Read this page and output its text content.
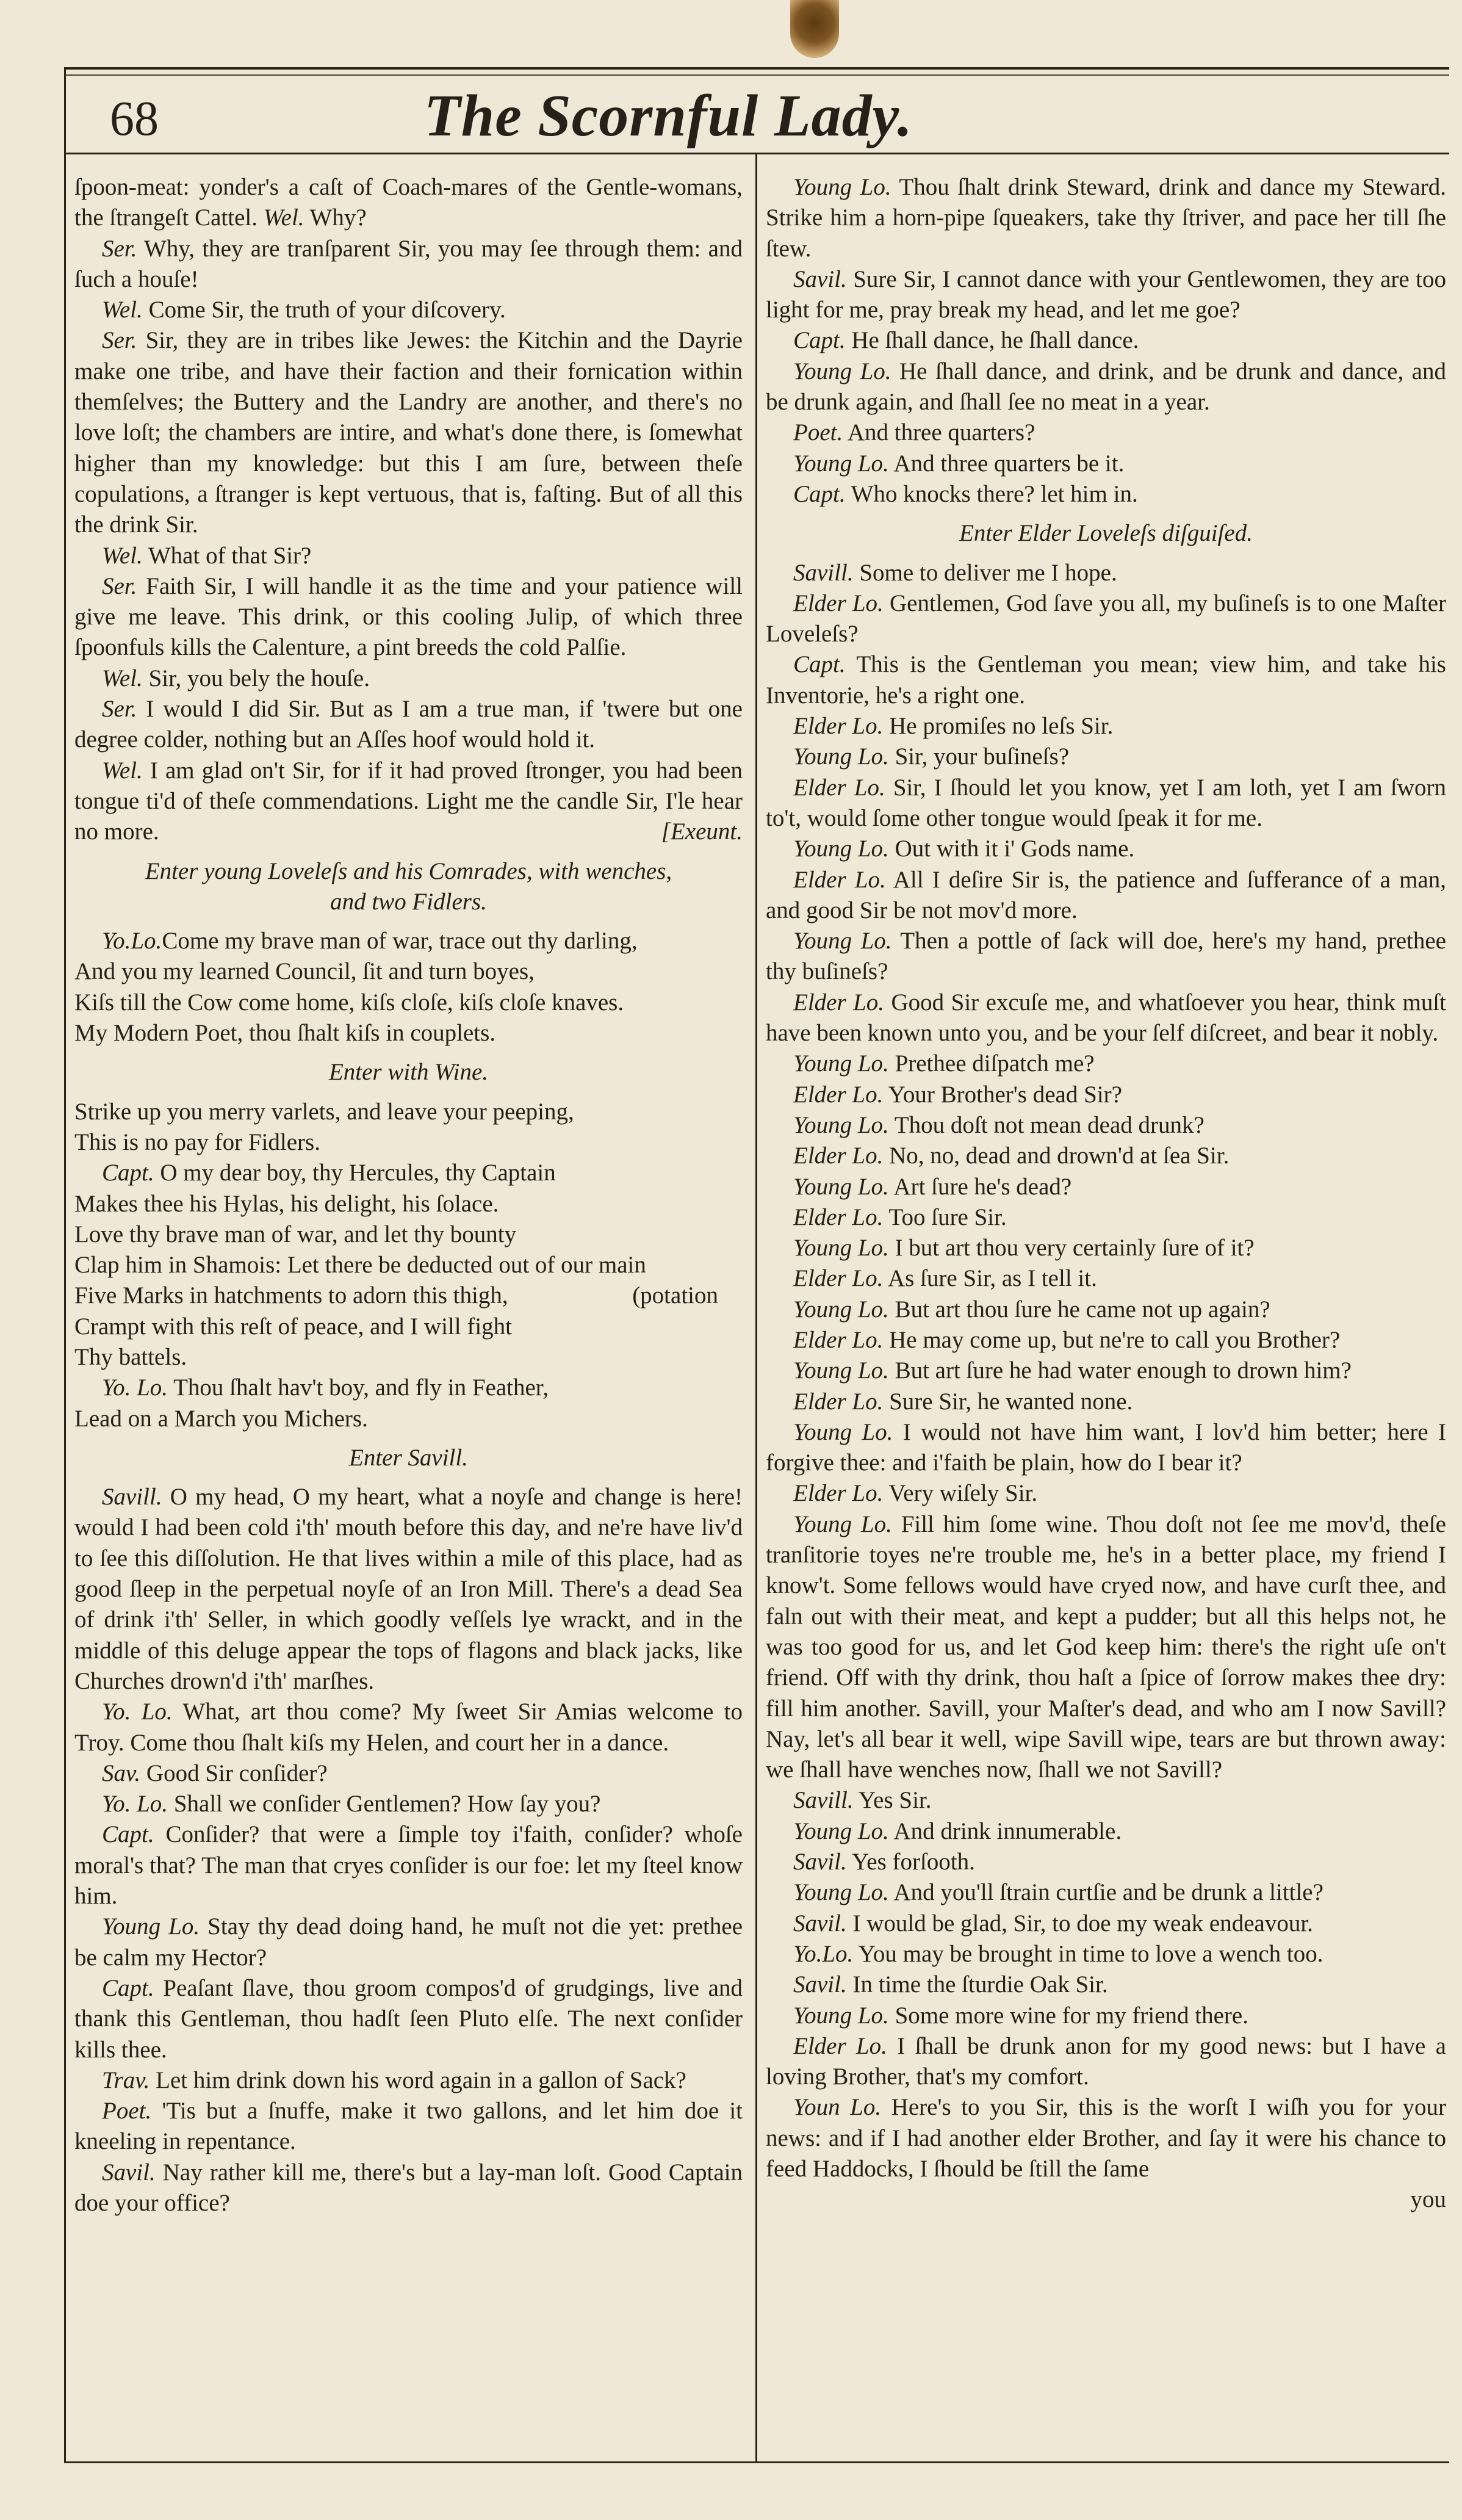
68	The Scornful Lady.

ſpoon-meat: yonder's a caſt of Coach-mares of the Gentle-womans, the ſtrangeſt Cattel. Wel. Why?

Ser. Why, they are tranſparent Sir, you may ſee through them: and ſuch a houſe!

Wel. Come Sir, the truth of your diſcovery.

Ser. Sir, they are in tribes like Jewes: the Kitchin and the Dayrie make one tribe, and have their faction and their fornication within themſelves; the Buttery and the Landry are another, and there's no love loſt; the chambers are intire, and what's done there, is ſomewhat higher than my knowledge: but this I am ſure, between theſe copulations, a ſtranger is kept vertuous, that is, faſting. But of all this the drink Sir.

Wel. What of that Sir?

Ser. Faith Sir, I will handle it as the time and your patience will give me leave. This drink, or this cooling Julip, of which three ſpoonfuls kills the Calenture, a pint breeds the cold Palſie.

Wel. Sir, you bely the houſe.

Ser. I would I did Sir. But as I am a true man, if 'twere but one degree colder, nothing but an Aſſes hoof would hold it.

Wel. I am glad on't Sir, for if it had proved ſtronger, you had been tongue ti'd of theſe commendations. Light me the candle Sir, I'le hear no more.	[Exeunt.

Enter young Loveleſs and his Comrades, with wenches,
and two Fidlers.
Yo.Lo.Come my brave man of war, trace out thy darling,
And you my learned Council, ſit and turn boyes,
Kiſs till the Cow come home, kiſs cloſe, kiſs cloſe knaves.
My Modern Poet, thou ſhalt kiſs in couplets.
Enter with Wine.
Strike up you merry varlets, and leave your peeping,
This is no pay for Fidlers.
Capt. O my dear boy, thy Hercules, thy Captain
Makes thee his Hylas, his delight, his ſolace.
Love thy brave man of war, and let thy bounty
Clap him in Shamois: Let there be deducted out of our main
(potation
Five Marks in hatchments to adorn this thigh,
Crampt with this reſt of peace, and I will fight
Thy battels.
Yo. Lo. Thou ſhalt hav't boy, and fly in Feather,
Lead on a March you Michers.
Enter Savill.

Savill. O my head, O my heart, what a noyſe and change is here! would I had been cold i'th' mouth before this day, and ne're have liv'd to ſee this diſſolution. He that lives within a mile of this place, had as good ſleep in the perpetual noyſe of an Iron Mill. There's a dead Sea of drink i'th' Seller, in which goodly veſſels lye wrackt, and in the middle of this deluge appear the tops of flagons and black jacks, like Churches drown'd i'th' marſhes.

Yo. Lo. What, art thou come? My ſweet Sir Amias welcome to Troy. Come thou ſhalt kiſs my Helen, and court her in a dance.

Sav. Good Sir conſider?

Yo. Lo. Shall we conſider Gentlemen? How ſay you?

Capt. Conſider? that were a ſimple toy i'faith, conſider? whoſe moral's that? The man that cryes conſider is our foe: let my ſteel know him.

Young Lo. Stay thy dead doing hand, he muſt not die yet: prethee be calm my Hector?

Capt. Peaſant ſlave, thou groom compos'd of grudgings, live and thank this Gentleman, thou hadſt ſeen Pluto elſe. The next conſider kills thee.

Trav. Let him drink down his word again in a gallon of Sack?

Poet. 'Tis but a ſnuffe, make it two gallons, and let him doe it kneeling in repentance.

Savil. Nay rather kill me, there's but a lay-man loſt. Good Captain doe your office?

Young Lo. Thou ſhalt drink Steward, drink and dance my Steward. Strike him a horn-pipe ſqueakers, take thy ſtriver, and pace her till ſhe ſtew.

Savil. Sure Sir, I cannot dance with your Gentlewomen, they are too light for me, pray break my head, and let me goe?

Capt. He ſhall dance, he ſhall dance.

Young Lo. He ſhall dance, and drink, and be drunk and dance, and be drunk again, and ſhall ſee no meat in a year.

Poet. And three quarters?

Young Lo. And three quarters be it.

Capt. Who knocks there? let him in.

Enter Elder Loveleſs diſguiſed.

Savill. Some to deliver me I hope.

Elder Lo. Gentlemen, God ſave you all, my buſineſs is to one Maſter Loveleſs?

Capt. This is the Gentleman you mean; view him, and take his Inventorie, he's a right one.

Elder Lo. He promiſes no leſs Sir.

Young Lo. Sir, your buſineſs?

Elder Lo. Sir, I ſhould let you know, yet I am loth, yet I am ſworn to't, would ſome other tongue would ſpeak it for me.

Young Lo. Out with it i' Gods name.

Elder Lo. All I deſire Sir is, the patience and ſufferance of a man, and good Sir be not mov'd more.

Young Lo. Then a pottle of ſack will doe, here's my hand, prethee thy buſineſs?

Elder Lo. Good Sir excuſe me, and whatſoever you hear, think muſt have been known unto you, and be your ſelf diſcreet, and bear it nobly.

Young Lo. Prethee diſpatch me?

Elder Lo. Your Brother's dead Sir?

Young Lo. Thou doſt not mean dead drunk?

Elder Lo. No, no, dead and drown'd at ſea Sir.

Young Lo. Art ſure he's dead?

Elder Lo. Too ſure Sir.

Young Lo. I but art thou very certainly ſure of it?

Elder Lo. As ſure Sir, as I tell it.

Young Lo. But art thou ſure he came not up again?

Elder Lo. He may come up, but ne're to call you Brother?

Young Lo. But art ſure he had water enough to drown him?

Elder Lo. Sure Sir, he wanted none.

Young Lo. I would not have him want, I lov'd him better; here I forgive thee: and i'faith be plain, how do I bear it?

Elder Lo. Very wiſely Sir.

Young Lo. Fill him ſome wine. Thou doſt not ſee me mov'd, theſe tranſitorie toyes ne're trouble me, he's in a better place, my friend I know't. Some fellows would have cryed now, and have curſt thee, and faln out with their meat, and kept a pudder; but all this helps not, he was too good for us, and let God keep him: there's the right uſe on't friend. Off with thy drink, thou haſt a ſpice of ſorrow makes thee dry: fill him another. Savill, your Maſter's dead, and who am I now Savill? Nay, let's all bear it well, wipe Savill wipe, tears are but thrown away: we ſhall have wenches now, ſhall we not Savill?

Savill. Yes Sir.

Young Lo. And drink innumerable.

Savil. Yes forſooth.

Young Lo. And you'll ſtrain curtſie and be drunk a little?

Savil. I would be glad, Sir, to doe my weak endeavour.

Yo.Lo. You may be brought in time to love a wench too.

Savil. In time the ſturdie Oak Sir.

Young Lo. Some more wine for my friend there.

Elder Lo. I ſhall be drunk anon for my good news: but I have a loving Brother, that's my comfort.

Youn Lo. Here's to you Sir, this is the worſt I wiſh you for your news: and if I had another elder Brother, and ſay it were his chance to feed Haddocks, I ſhould be ſtill the ſame

you
